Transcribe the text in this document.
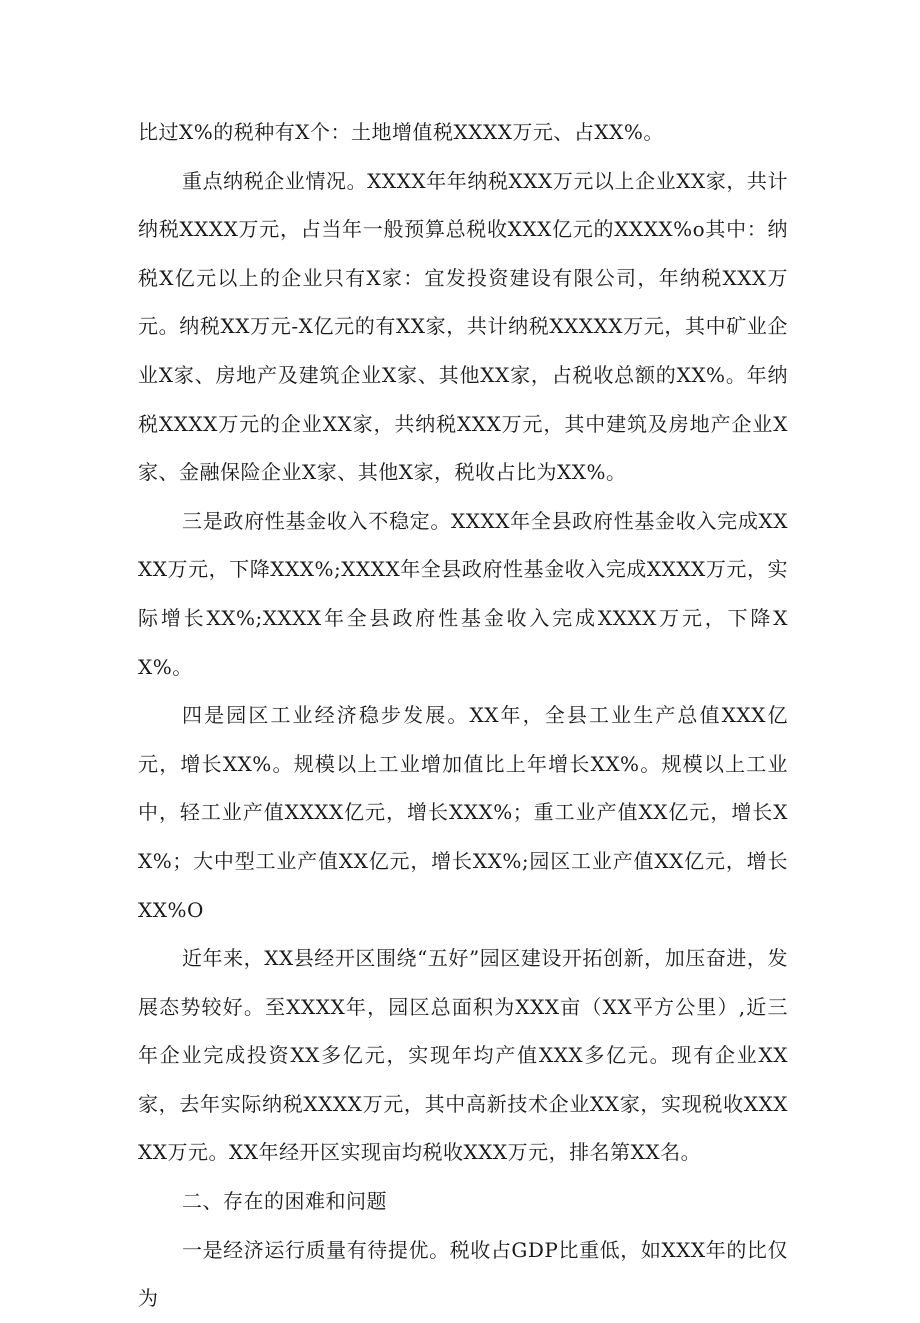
比过X%的税种有X个：土地增值税XXXX万元、占XX%。

重点纳税企业情况。XXXX年年纳税XXX万元以上企业XX家，共计纳税XXXX万元，占当年一般预算总税收XXX亿元的XXXX%o其中：纳税X亿元以上的企业只有X家：宜发投资建设有限公司，年纳税XXX万元。纳税XX万元-X亿元的有XX家，共计纳税XXXXX万元，其中矿业企业X家、房地产及建筑企业X家、其他XX家，占税收总额的XX%。年纳税XXXX万元的企业XX家，共纳税XXX万元，其中建筑及房地产企业X家、金融保险企业X家、其他X家，税收占比为XX%。

三是政府性基金收入不稳定。XXXX年全县政府性基金收入完成XXXX万元，下降XXX%;XXXX年全县政府性基金收入完成XXXX万元，实际增长XX%;XXXX年全县政府性基金收入完成XXXX万元，下降XX%。

四是园区工业经济稳步发展。XX年，全县工业生产总值XXX亿元，增长XX%。规模以上工业增加值比上年增长XX%。规模以上工业中，轻工业产值XXXX亿元，增长XXX%；重工业产值XX亿元，增长XX%；大中型工业产值XX亿元，增长XX%;园区工业产值XX亿元，增长XX%O

近年来，XX县经开区围绕“五好”园区建设开拓创新，加压奋进，发展态势较好。至XXXX年，园区总面积为XXX亩（XX平方公里）,近三年企业完成投资XX多亿元，实现年均产值XXX多亿元。现有企业XX家，去年实际纳税XXXX万元，其中高新技术企业XX家，实现税收XXXXX万元。XX年经开区实现亩均税收XXX万元，排名第XX名。

二、存在的困难和问题

一是经济运行质量有待提优。税收占GDP比重低，如XXX年的比仅为
